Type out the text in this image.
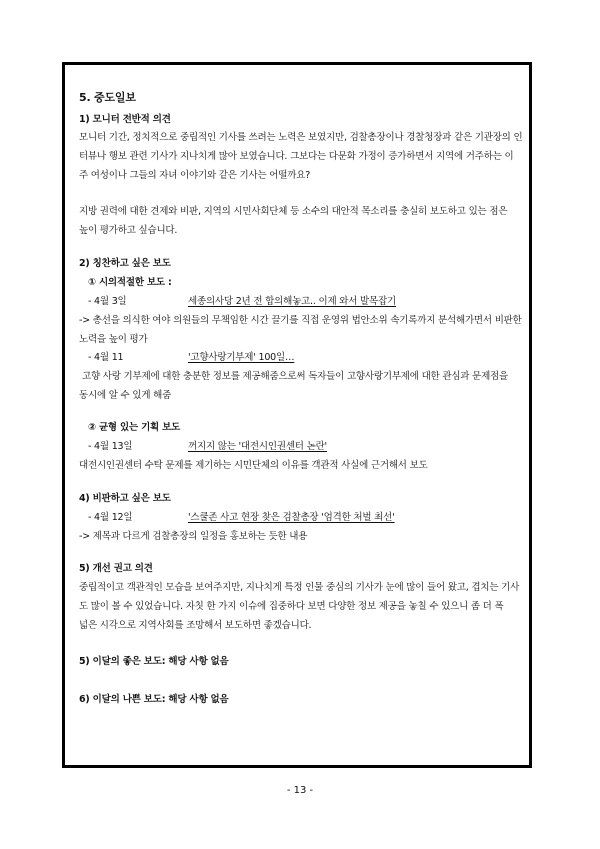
5. 중도일보
1) 모니터 전반적 의견
모니터 기간, 정치적으로 중립적인 기사를 쓰려는 노력은 보였지만, 검찰총장이나 경찰청장과 같은 기관장의 인
터뷰나 행보 관련 기사가 지나치게 많아 보였습니다. 그보다는 다문화 가정이 증가하면서 지역에 거주하는 이
주 여성이나 그들의 자녀 이야기와 같은 기사는 어떨까요?
지방 권력에 대한 견제와 비판, 지역의 시민사회단체 등 소수의 대안적 목소리를 충실히 보도하고 있는 점은
높이 평가하고 싶습니다.
2) 칭찬하고 싶은 보도
① 시의적절한 보도 :
- 4월 3일	세종의사당 2년 전 합의해놓고.. 이제 와서 발목잡기
-> 총선을 의식한 여야 의원들의 무책임한 시간 끌기를 직접 운영위 법안소위 속기록까지 분석해가면서 비판한
노력을 높이 평가
- 4월 11	'고향사랑기부제' 100일…
고향 사랑 기부제에 대한 충분한 정보를 제공해줌으로써 독자들이 고향사랑기부제에 대한 관심과 문제점을
동시에 알 수 있게 해줌
② 균형 있는 기획 보도
- 4월 13일	꺼지지 않는 '대전시인권센터 논란'
대전시인권센터 수탁 문제를 제기하는 시민단체의 이유를 객관적 사실에 근거해서 보도
4) 비판하고 싶은 보도
- 4월 12일	'스쿨존 사고 현장 찾은 검찰총장 '엄격한 처벌 최선'
-> 제목과 다르게 검찰총장의 일정을 홍보하는 듯한 내용
5) 개선 권고 의견
중립적이고 객관적인 모습을 보여주지만, 지나치게 특정 인물 중심의 기사가 눈에 많이 들어 왔고, 겹치는 기사
도 많이 볼 수 있었습니다. 자칫 한 가지 이슈에 집중하다 보면 다양한 정보 제공을 놓칠 수 있으니 좀 더 폭
넓은 시각으로 지역사회를 조망해서 보도하면 좋겠습니다.
5) 이달의 좋은 보도: 해당 사항 없음
6) 이달의 나쁜 보도: 해당 사항 없음
- 13 -
